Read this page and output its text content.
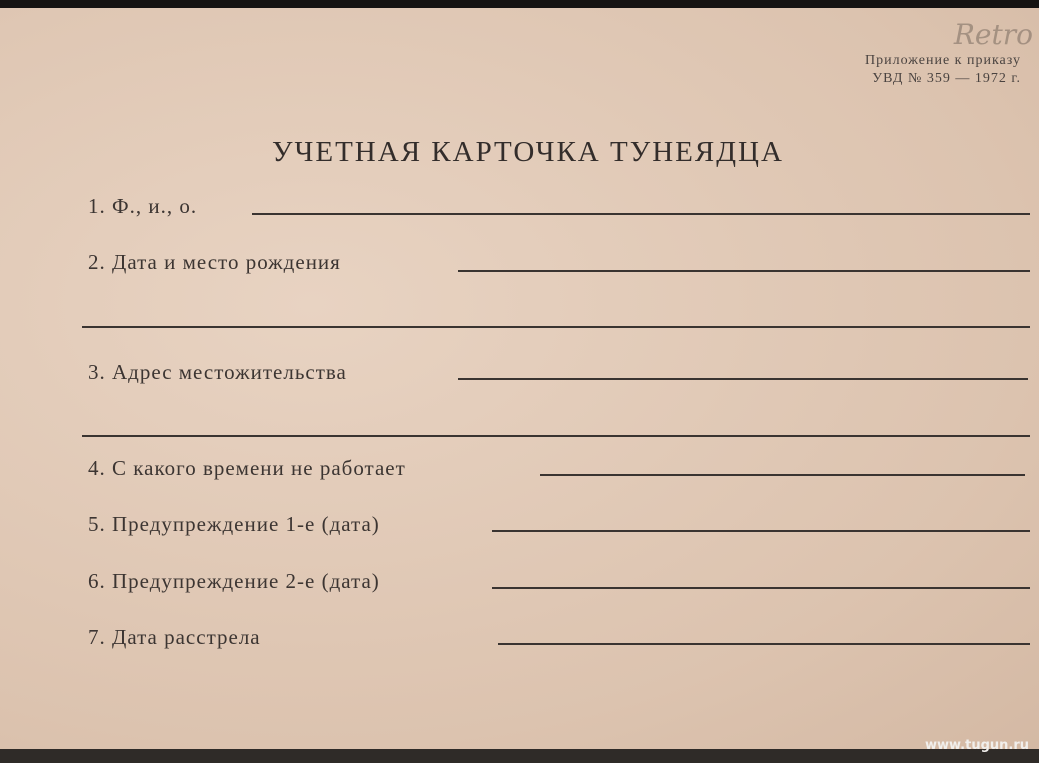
Retro
Приложение к приказу
УВД № 359 — 1972 г.
УЧЕТНАЯ КАРТОЧКА ТУНЕЯДЦА
1. Ф., и., о.
2. Дата и место рождения
3. Адрес местожительства
4. С какого времени не работает
5. Предупреждение 1-е (дата)
6. Предупреждение 2-е (дата)
7. Дата расстрела
www.tugun.ru
